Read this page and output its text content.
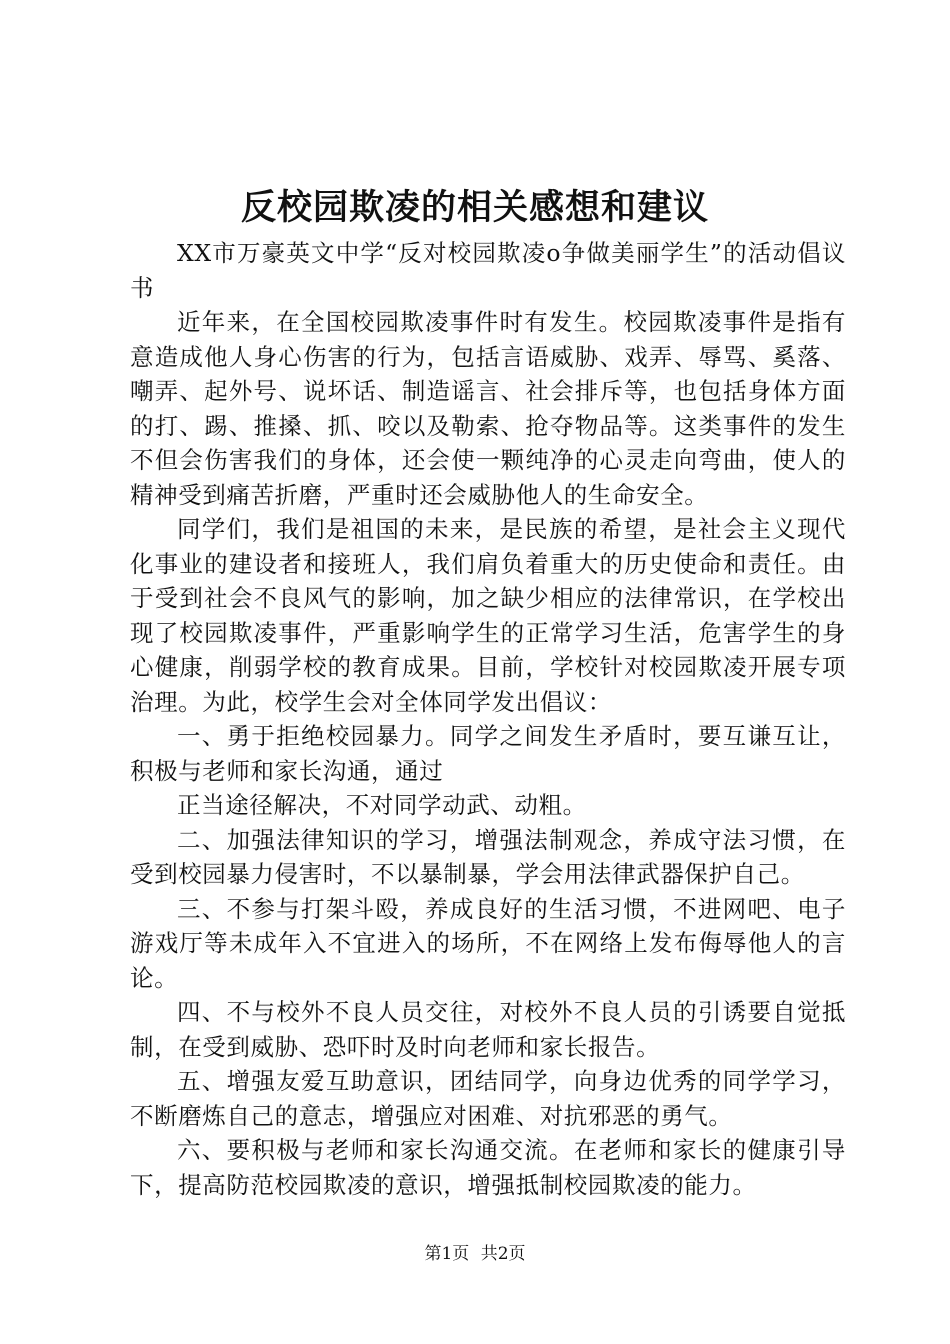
反校园欺凌的相关感想和建议

XX市万豪英文中学“反对校园欺凌o争做美丽学生”的活动倡议书

近年来，在全国校园欺凌事件时有发生。校园欺凌事件是指有意造成他人身心伤害的行为，包括言语威胁、戏弄、辱骂、奚落、嘲弄、起外号、说坏话、制造谣言、社会排斥等，也包括身体方面的打、踢、推搡、抓、咬以及勒索、抢夺物品等。这类事件的发生不但会伤害我们的身体，还会使一颗纯净的心灵走向弯曲，使人的精神受到痛苦折磨，严重时还会威胁他人的生命安全。

同学们，我们是祖国的未来，是民族的希望，是社会主义现代化事业的建设者和接班人，我们肩负着重大的历史使命和责任。由于受到社会不良风气的影响，加之缺少相应的法律常识，在学校出现了校园欺凌事件，严重影响学生的正常学习生活，危害学生的身心健康，削弱学校的教育成果。目前，学校针对校园欺凌开展专项治理。为此，校学生会对全体同学发出倡议：

一、勇于拒绝校园暴力。同学之间发生矛盾时，要互谦互让，积极与老师和家长沟通，通过

正当途径解决，不对同学动武、动粗。

二、加强法律知识的学习，增强法制观念，养成守法习惯，在受到校园暴力侵害时，不以暴制暴，学会用法律武器保护自己。

三、不参与打架斗殴，养成良好的生活习惯，不进网吧、电子游戏厅等未成年入不宜进入的场所，不在网络上发布侮辱他人的言论。

四、不与校外不良人员交往，对校外不良人员的引诱要自觉抵制，在受到威胁、恐吓时及时向老师和家长报告。

五、增强友爱互助意识，团结同学，向身边优秀的同学学习，不断磨炼自己的意志，增强应对困难、对抗邪恶的勇气。

六、要积极与老师和家长沟通交流。在老师和家长的健康引导下，提高防范校园欺凌的意识，增强抵制校园欺凌的能力。

第1页 共2页
